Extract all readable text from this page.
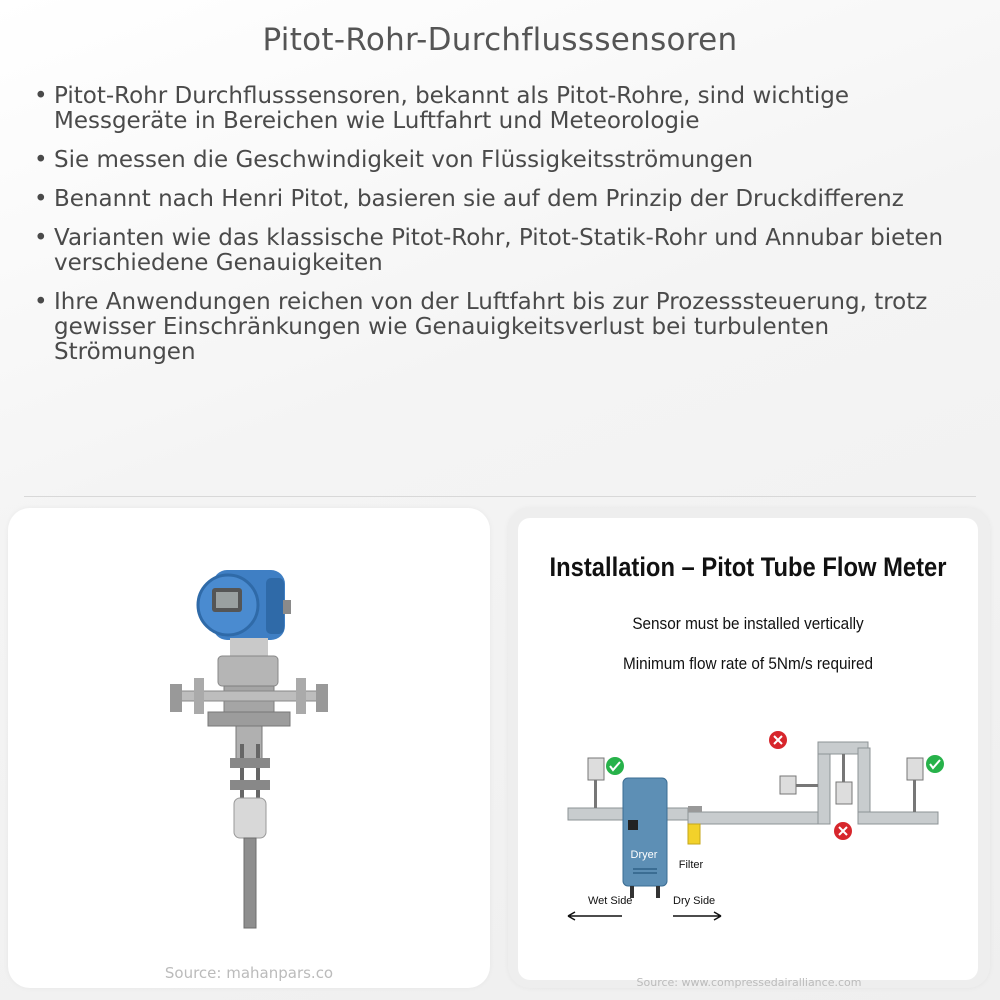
Pitot-Rohr-Durchflusssensoren
• Pitot-Rohr Durchflusssensoren, bekannt als Pitot-Rohre, sind wichtige Messgeräte in Bereichen wie Luftfahrt und Meteorologie
• Sie messen die Geschwindigkeit von Flüssigkeitsströmungen
• Benannt nach Henri Pitot, basieren sie auf dem Prinzip der Druckdifferenz
• Varianten wie das klassische Pitot-Rohr, Pitot-Statik-Rohr und Annubar bieten verschiedene Genauigkeiten
• Ihre Anwendungen reichen von der Luftfahrt bis zur Prozesssteuerung, trotz gewisser Einschränkungen wie Genauigkeitsverlust bei turbulenten Strömungen
Source: mahanpars.co
Installation – Pitot Tube Flow Meter
Sensor must be installed vertically
Minimum flow rate of 5Nm/s required
Dryer
Filter
Wet Side	Dry Side
Source: www.compressedairalliance.com
